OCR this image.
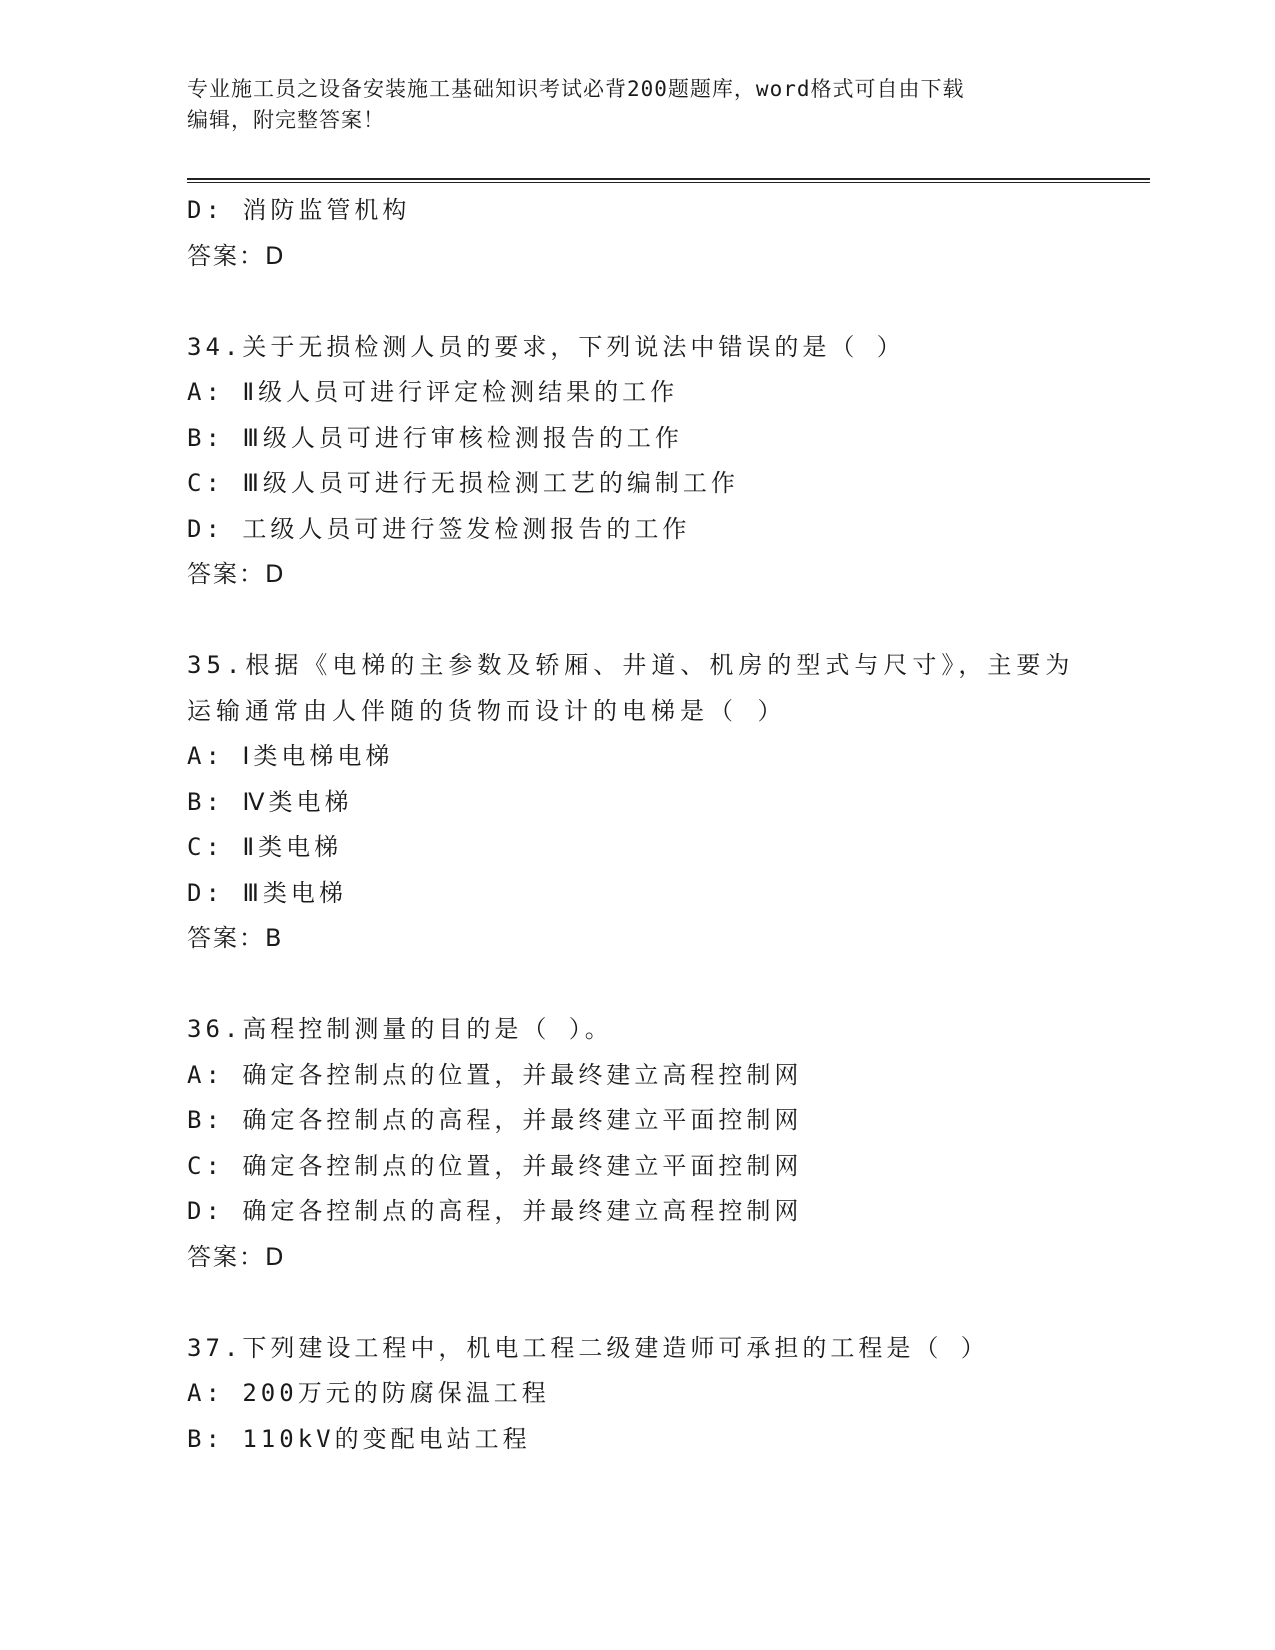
专业施工员之设备安装施工基础知识考试必背200题题库，word格式可自由下载
编辑，附完整答案！
D: 消防监管机构
答案：D
34.关于无损检测人员的要求，下列说法中错误的是（ ）
A: Ⅱ级人员可进行评定检测结果的工作
B: Ⅲ级人员可进行审核检测报告的工作
C: Ⅲ级人员可进行无损检测工艺的编制工作
D: 工级人员可进行签发检测报告的工作
答案：D
35.根据《电梯的主参数及轿厢、井道、机房的型式与尺寸》，主要为
运输通常由人伴随的货物而设计的电梯是（ ）
A: Ⅰ类电梯电梯
B: Ⅳ类电梯
C: Ⅱ类电梯
D: Ⅲ类电梯
答案：B
36.高程控制测量的目的是（ ）。
A: 确定各控制点的位置，并最终建立高程控制网
B: 确定各控制点的高程，并最终建立平面控制网
C: 确定各控制点的位置，并最终建立平面控制网
D: 确定各控制点的高程，并最终建立高程控制网
答案：D
37.下列建设工程中，机电工程二级建造师可承担的工程是（ ）
A: 200万元的防腐保温工程
B: 110kV的变配电站工程
